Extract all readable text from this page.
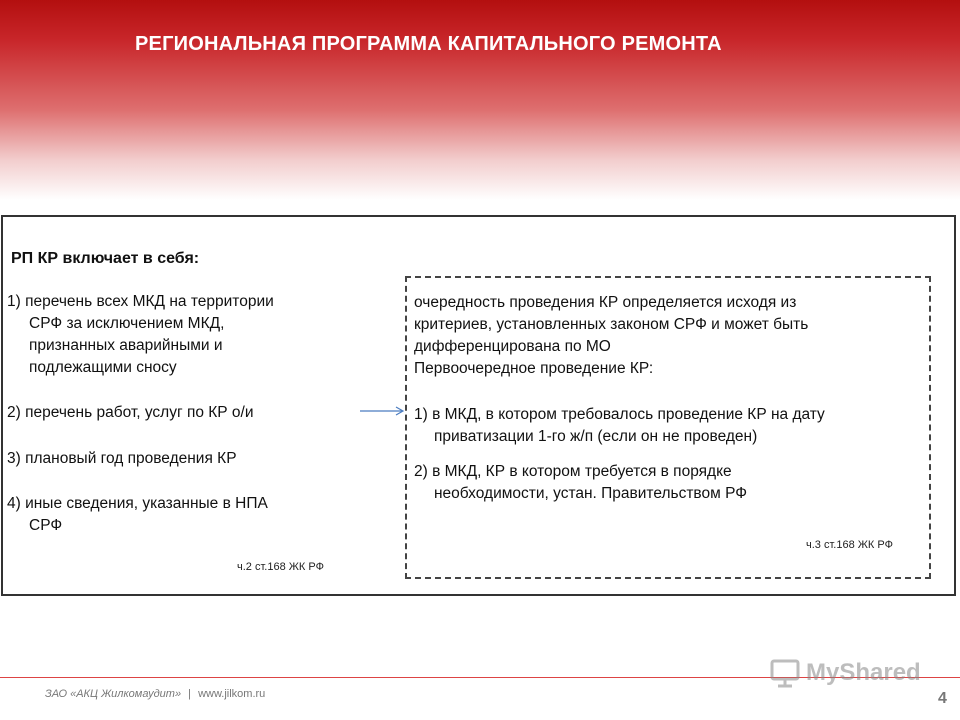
РЕГИОНАЛЬНАЯ ПРОГРАММА КАПИТАЛЬНОГО РЕМОНТА
РП КР включает в себя:
1) перечень всех МКД на территории
СРФ за исключением МКД,
признанных аварийными и
подлежащими сносу
2) перечень работ, услуг по КР о/и
3) плановый год проведения КР
4) иные сведения, указанные в НПА
СРФ
ч.2 ст.168 ЖК РФ
очередность проведения КР определяется исходя из
критериев, установленных законом СРФ и может быть
дифференцирована по МО
Первоочередное проведение КР:
1) в МКД, в котором требовалось проведение КР на дату
приватизации 1-го ж/п (если он не проведен)
2) в МКД, КР в котором требуется в порядке
необходимости, устан. Правительством РФ
ч.3 ст.168 ЖК РФ
ЗАО «АКЦ Жилкомаудит» | www.jilkom.ru	4
MyShared
